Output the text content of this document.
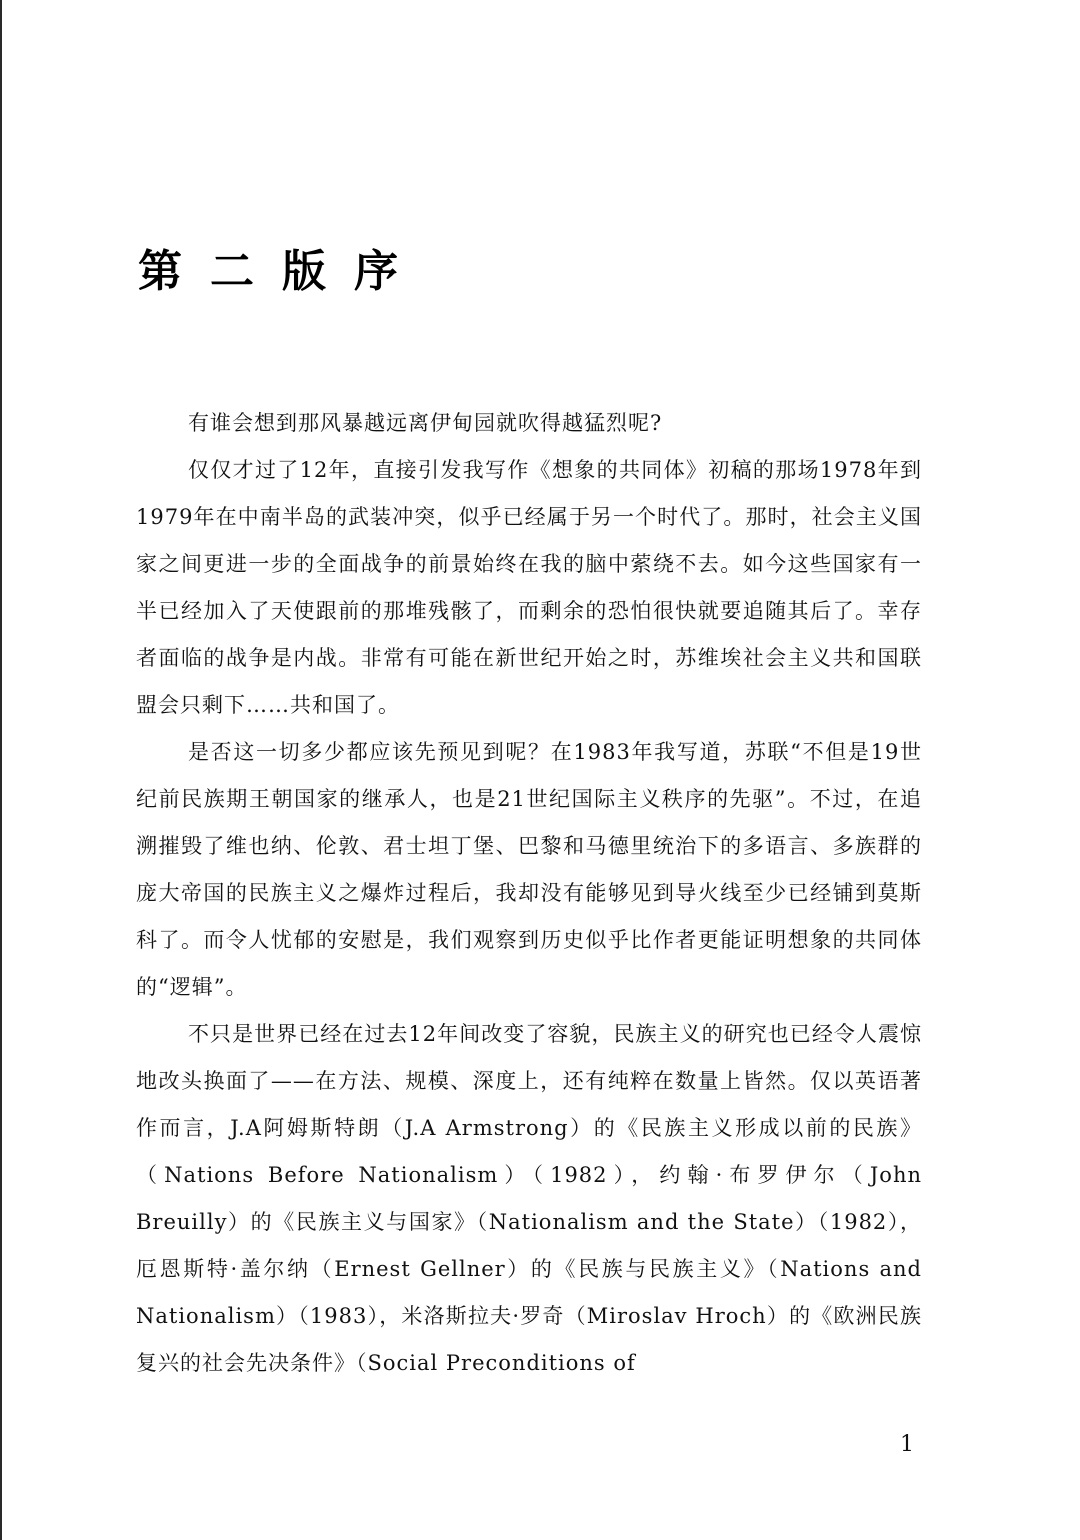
第二版序

有谁会想到那风暴越远离伊甸园就吹得越猛烈呢?

仅仅才过了12年，直接引发我写作《想象的共同体》初稿的那场1978年到1979年在中南半岛的武装冲突，似乎已经属于另一个时代了。那时，社会主义国家之间更进一步的全面战争的前景始终在我的脑中萦绕不去。如今这些国家有一半已经加入了天使跟前的那堆残骸了，而剩余的恐怕很快就要追随其后了。幸存者面临的战争是内战。非常有可能在新世纪开始之时，苏维埃社会主义共和国联盟会只剩下……共和国了。

是否这一切多少都应该先预见到呢？在1983年我写道，苏联“不但是19世纪前民族期王朝国家的继承人，也是21世纪国际主义秩序的先驱”。不过，在追溯摧毁了维也纳、伦敦、君士坦丁堡、巴黎和马德里统治下的多语言、多族群的庞大帝国的民族主义之爆炸过程后，我却没有能够见到导火线至少已经铺到莫斯科了。而令人忧郁的安慰是，我们观察到历史似乎比作者更能证明想象的共同体的“逻辑”。

不只是世界已经在过去12年间改变了容貌，民族主义的研究也已经令人震惊地改头换面了——在方法、规模、深度上，还有纯粹在数量上皆然。仅以英语著作而言，J.A阿姆斯特朗（J.A Armstrong）的《民族主义形成以前的民族》（Nations Before Nationalism）（1982），约翰·布罗伊尔（John Breuilly）的《民族主义与国家》（Nationalism and the State）（1982），厄恩斯特·盖尔纳（Ernest Gellner）的《民族与民族主义》（Nations and Nationalism）（1983），米洛斯拉夫·罗奇（Miroslav Hroch）的《欧洲民族复兴的社会先决条件》（Social Preconditions of

1
